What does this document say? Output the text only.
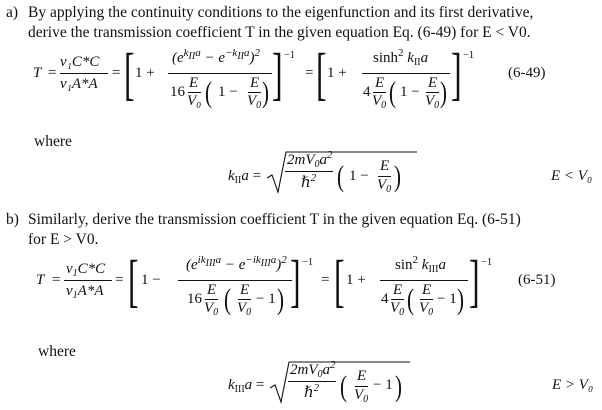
a) By applying the continuity conditions to the eigenfunction and its first derivative,
derive the transmission coefficient T in the given equation Eq. (6-49) for E < V0.
T =
v₁C*C
v₁A*A
= [ 1 +
$(e^{kIIa} - e^{-kIIa})^2$
16
E
V₀ ( 1 −
E
$V_0$ ) ] −1
= [ 1 +
$\sinh^2 k_{II}a$
4
E
$V_0$ ( 1 −
E
$V_0$ ) ] −1
(6-49)
where
$k_{II}a$ =
$2mV_0a^2$
ℏ$^2$ ( 1 −
E
$V_0$ )	E < V₀
b) Similarly, derive the transmission coefficient T in the given equation Eq. (6-51)
for E > V0.
T =
$v_1C*C$
$v_1A*A$
= [ 1 −
$(e^{ikIIIa} - e^{-ikIIIa})^2$
16
E
$V_0$ ( E
$V_0$
− 1 ) ] −1
= [ 1 +
$\sin^2 k_{III}a$
4
E
$V_0$ ( E
$V_0$
− 1 ) ] −1
(6-51)
where
$k_{III}a$ =
$2mV_0a^2$
ℏ$^2$ ( E
$V_0$
− 1 )	E > V₀
